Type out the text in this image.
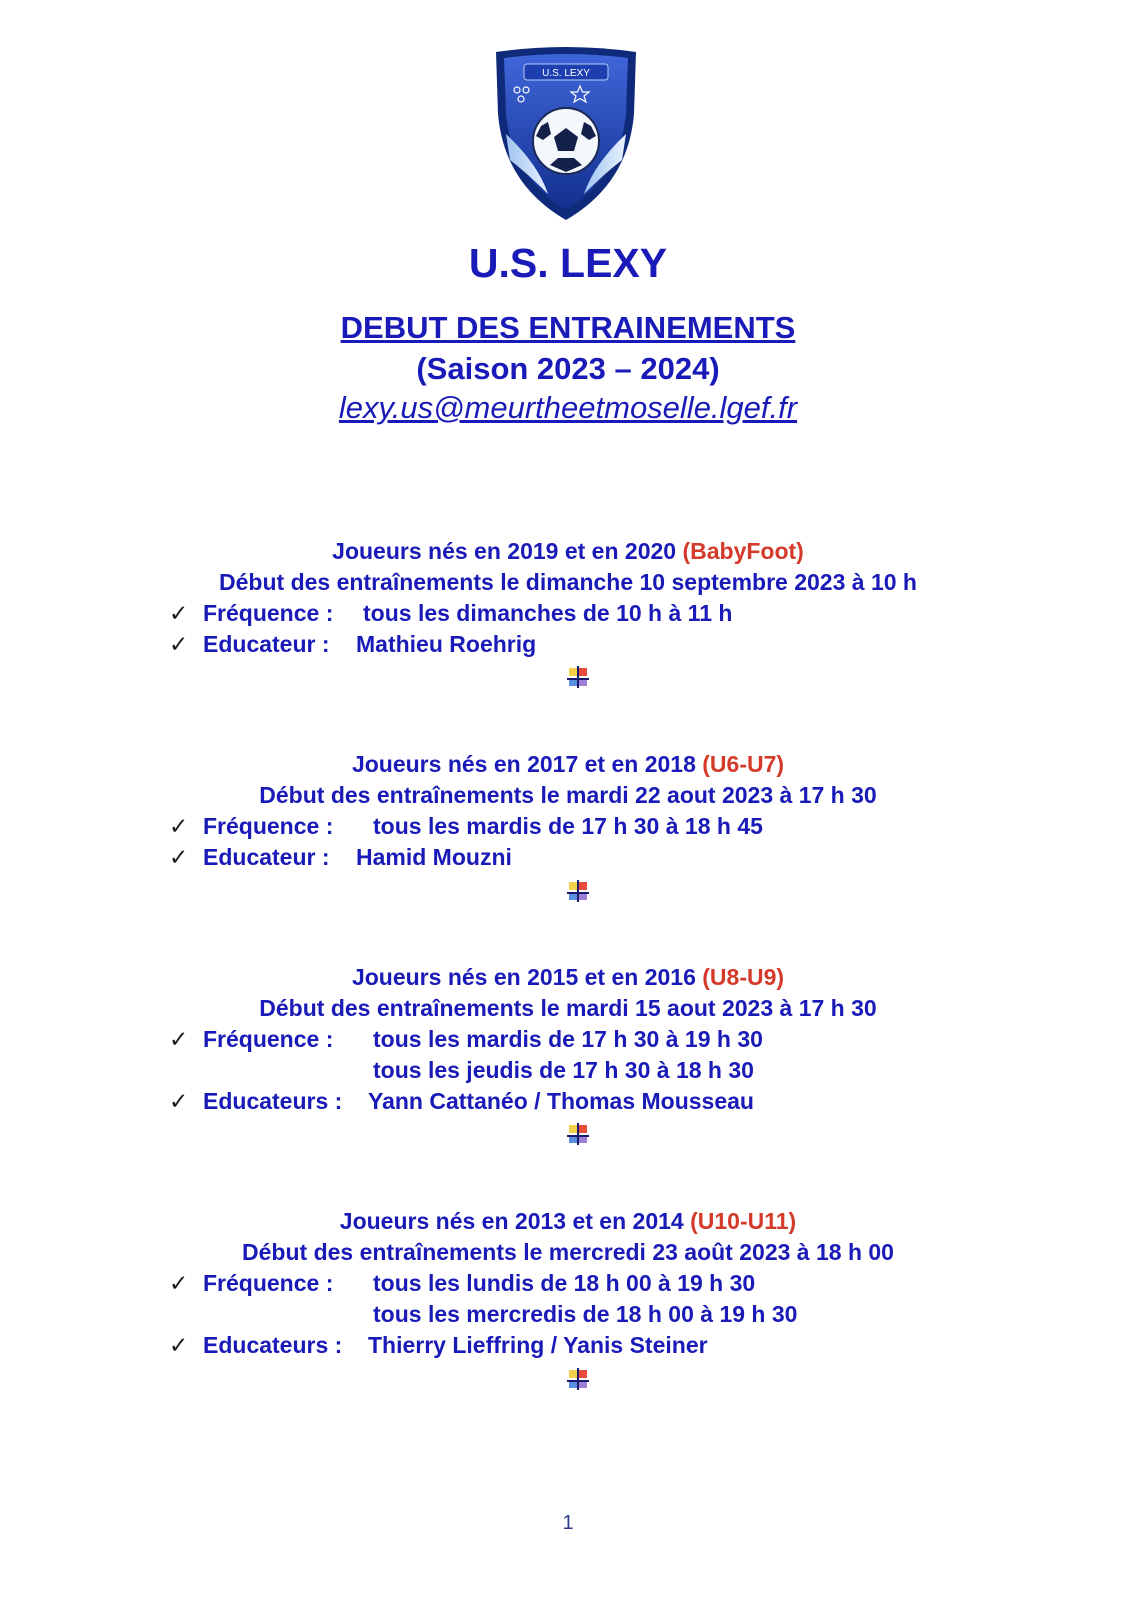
U.S. LEXY
U.S. LEXY
DEBUT DES ENTRAINEMENTS
(Saison 2023 – 2024)
lexy.us@meurtheetmoselle.lgef.fr
Joueurs nés en 2019 et en 2020 (BabyFoot)
Début des entraînements le dimanche 10 septembre 2023 à 10 h
✓ Fréquence : tous les dimanches de 10 h à 11 h
✓ Educateur : Mathieu Roehrig
Joueurs nés en 2017 et en 2018 (U6-U7)
Début des entraînements le mardi 22 aout 2023 à 17 h 30
✓ Fréquence : tous les mardis de 17 h 30 à 18 h 45
✓ Educateur : Hamid Mouzni
Joueurs nés en 2015 et en 2016 (U8-U9)
Début des entraînements le mardi 15 aout 2023 à 17 h 30
✓ Fréquence : tous les mardis de 17 h 30 à 19 h 30
tous les jeudis de 17 h 30 à 18 h 30
✓ Educateurs : Yann Cattanéo / Thomas Mousseau
Joueurs nés en 2013 et en 2014 (U10-U11)
Début des entraînements le mercredi 23 août 2023 à 18 h 00
✓ Fréquence : tous les lundis de 18 h 00 à 19 h 30
tous les mercredis de 18 h 00 à 19 h 30
✓ Educateurs : Thierry Lieffring / Yanis Steiner
1
